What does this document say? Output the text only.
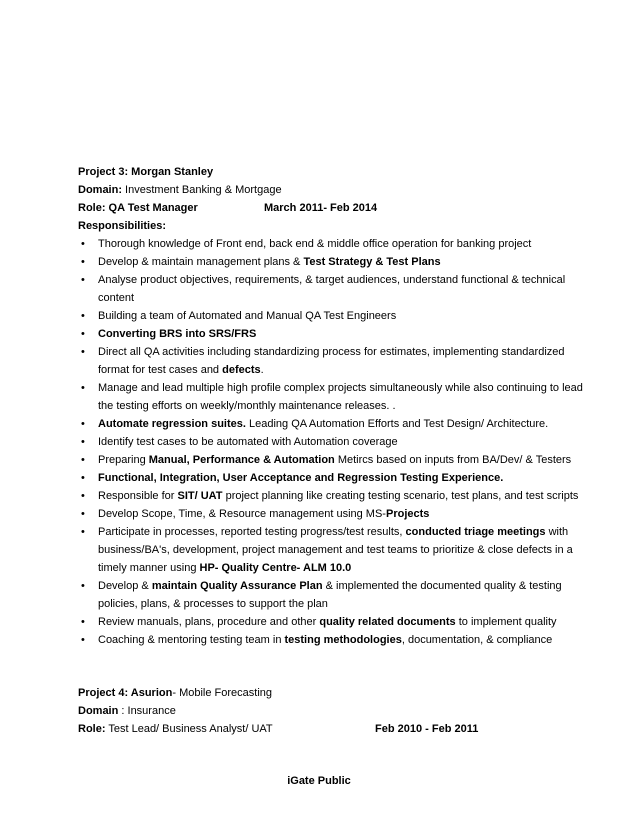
Project 3: Morgan Stanley
Domain: Investment Banking & Mortgage
Role: QA Test Manager	March 2011- Feb 2014
Responsibilities:
• Thorough knowledge of Front end, back end & middle office operation for banking project
• Develop & maintain management plans & Test Strategy & Test Plans
• Analyse product objectives, requirements, & target audiences, understand functional & technical
content
• Building a team of Automated and Manual QA Test Engineers
• Converting BRS into SRS/FRS
• Direct all QA activities including standardizing process for estimates, implementing standardized
format for test cases and defects.
• Manage and lead multiple high profile complex projects simultaneously while also continuing to lead
the testing efforts on weekly/monthly maintenance releases. .
• Automate regression suites. Leading QA Automation Efforts and Test Design/ Architecture.
• Identify test cases to be automated with Automation coverage
• Preparing Manual, Performance & Automation Metircs based on inputs from BA/Dev/ & Testers
• Functional, Integration, User Acceptance and Regression Testing Experience.
• Responsible for SIT/ UAT project planning like creating testing scenario, test plans, and test scripts
• Develop Scope, Time, & Resource management using MS-Projects
• Participate in processes, reported testing progress/test results, conducted triage meetings with
business/BA's, development, project management and test teams to prioritize & close defects in a
timely manner using HP- Quality Centre- ALM 10.0
• Develop & maintain Quality Assurance Plan & implemented the documented quality & testing
policies, plans, & processes to support the plan
• Review manuals, plans, procedure and other quality related documents to implement quality
• Coaching & mentoring testing team in testing methodologies, documentation, & compliance
Project 4: Asurion- Mobile Forecasting
Domain : Insurance
Role: Test Lead/ Business Analyst/ UAT	Feb 2010 - Feb 2011
iGate Public
